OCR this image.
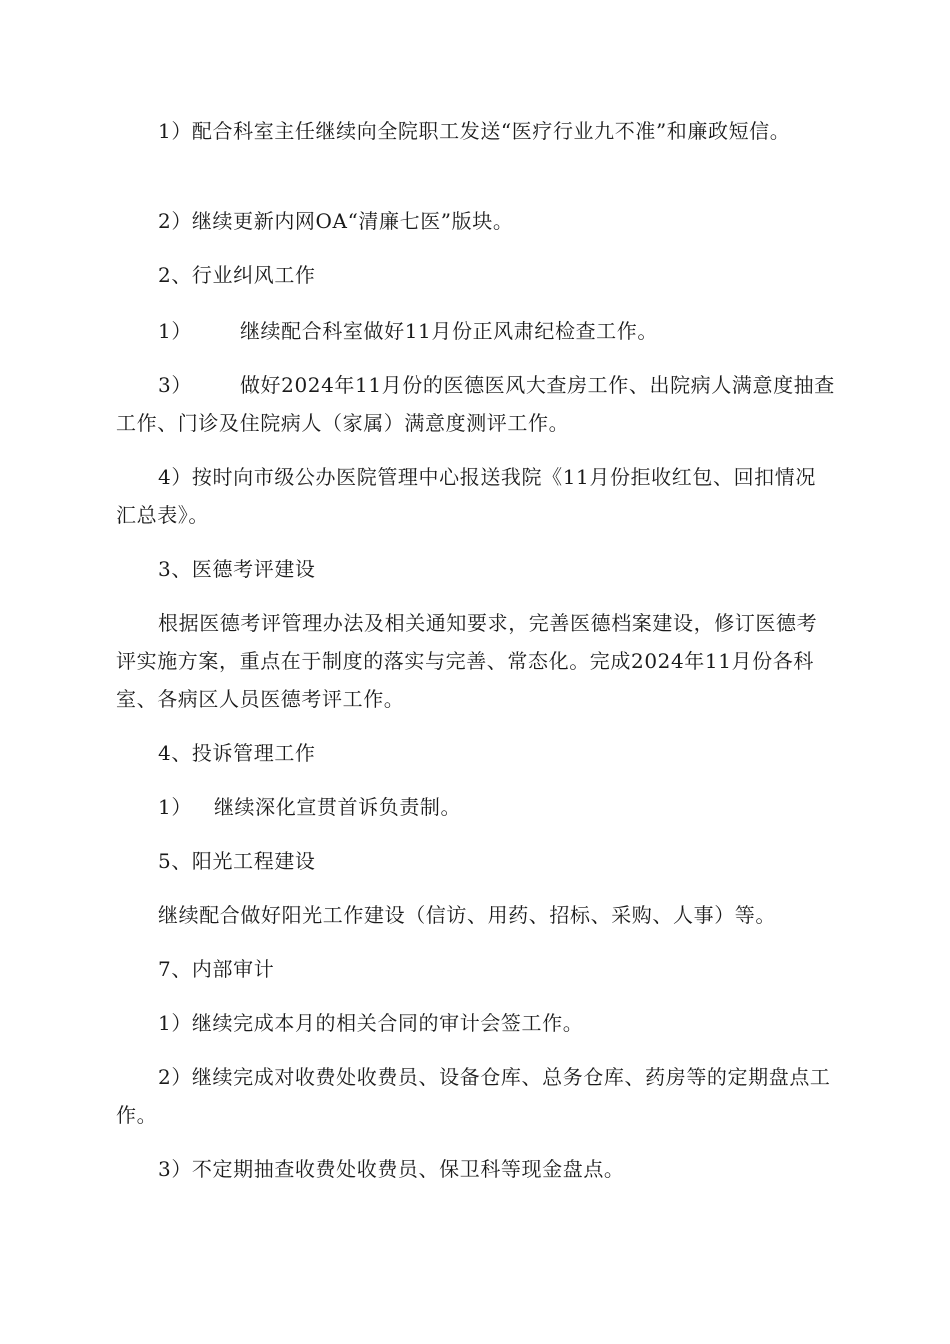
1）配合科室主任继续向全院职工发送“医疗行业九不准”和廉政短信。

2）继续更新内网OA“清廉七医”版块。

2、行业纠风工作

1） 继续配合科室做好11月份正风肃纪检查工作。

3） 做好2024年11月份的医德医风大查房工作、出院病人满意度抽查工作、门诊及住院病人（家属）满意度测评工作。

4）按时向市级公办医院管理中心报送我院《11月份拒收红包、回扣情况汇总表》。

3、医德考评建设

根据医德考评管理办法及相关通知要求，完善医德档案建设，修订医德考评实施方案，重点在于制度的落实与完善、常态化。完成2024年11月份各科室、各病区人员医德考评工作。

4、投诉管理工作

1） 继续深化宣贯首诉负责制。

5、阳光工程建设

继续配合做好阳光工作建设（信访、用药、招标、采购、人事）等。

7、内部审计

1）继续完成本月的相关合同的审计会签工作。

2）继续完成对收费处收费员、设备仓库、总务仓库、药房等的定期盘点工作。

3）不定期抽查收费处收费员、保卫科等现金盘点。
